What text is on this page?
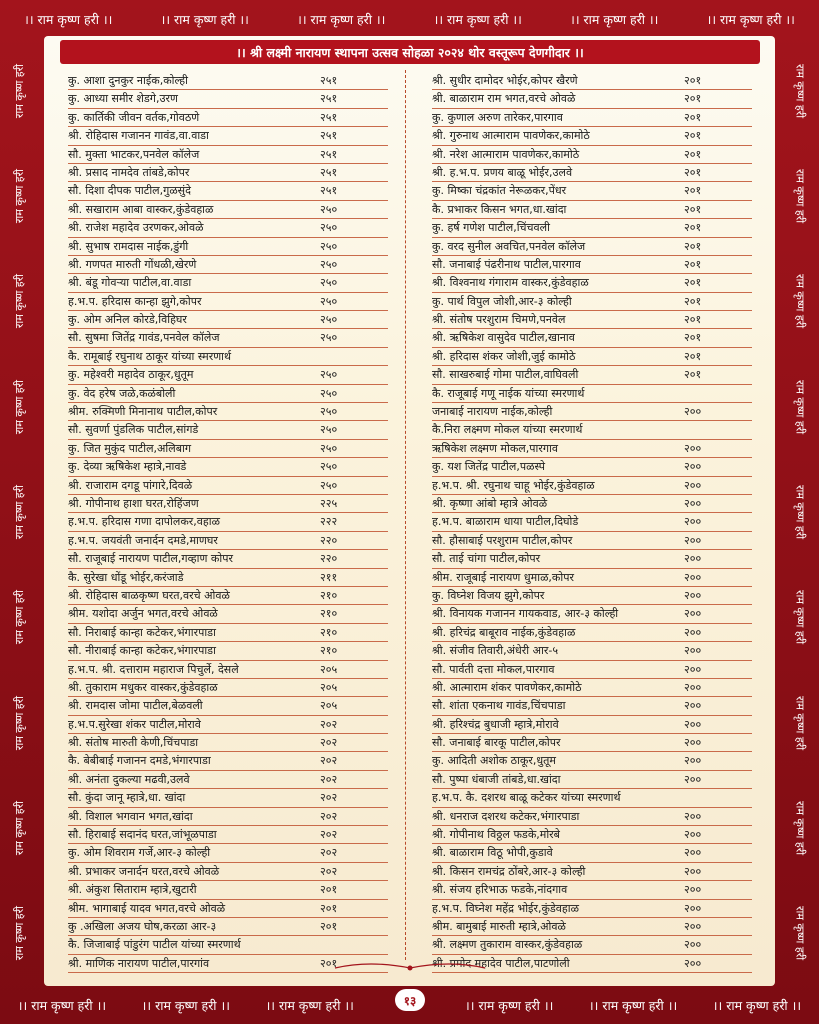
।। राम कृष्ण हरी ।।	।। राम कृष्ण हरी ।।	।। राम कृष्ण हरी ।।	।। राम कृष्ण हरी ।।	।। राम कृष्ण हरी ।।	।। राम कृष्ण हरी ।।
राम कृष्ण हरी
राम कृष्ण हरी
राम कृष्ण हरी
राम कृष्ण हरी
राम कृष्ण हरी
राम कृष्ण हरी
राम कृष्ण हरी
राम कृष्ण हरी
राम कृष्ण हरी
राम कृष्ण हरी
राम कृष्ण हरी
राम कृष्ण हरी
राम कृष्ण हरी
राम कृष्ण हरी
राम कृष्ण हरी
राम कृष्ण हरी
राम कृष्ण हरी
राम कृष्ण हरी
।। राम कृष्ण हरी ।।	।। राम कृष्ण हरी ।।	।। राम कृष्ण हरी ।।	।। राम कृष्ण हरी ।।	।। राम कृष्ण हरी ।।	।। राम कृष्ण हरी ।।
।। श्री लक्ष्मी नारायण स्थापना उत्सव सोहळा २०२४ थोर वस्तूरूप देणगीदार ।।
कु. आशा दुनकुर नाईक,कोल्ही	२५१
कु. आध्या समीर शेडगे,उरण	२५१
कु. कार्तिकी जीवन वर्तक,गोवठणे	२५१
श्री. रोहिदास गजानन गावंड,वा.वाडा	२५१
सौ. मुक्ता भाटकर,पनवेल कॉलेज	२५१
श्री. प्रसाद नामदेव तांबडे,कोपर	२५१
सौ. दिशा दीपक पाटील,गुळसुंदे	२५१
श्री. सखाराम आबा वास्कर,कुंडेवहाळ	२५०
श्री. राजेश महादेव उरणकर,ओवळे	२५०
श्री. सुभाष रामदास नाईक,डुंगी	२५०
श्री. गणपत मारुती गोंधळी,खेरणे	२५०
श्री. बंडू गोवऱ्या पाटील,वा.वाडा	२५०
ह.भ.प. हरिदास कान्हा झुगे,कोपर	२५०
कु. ओम अनिल कोरडे,विहिघर	२५०
सौ. सुषमा जितेंद्र गावंड,पनवेल कॉलेज	२५०
कै. रामूबाई रघुनाथ ठाकूर यांच्या स्मरणार्थ
कु. महेश्वरी महादेव ठाकूर,धुतूम	२५०
कु. वेद हरेष जळे,कळंबोली	२५०
श्रीम. रुक्मिणी मिनानाथ पाटील,कोपर	२५०
सौ. सुवर्णा पुंडलिक पाटील,सांगडे	२५०
कु. जित मुकुंद पाटील,अलिबाग	२५०
कु. देव्या ऋषिकेश म्हात्रे,नावडे	२५०
श्री. राजाराम दगडू पांगारे,दिवळे	२५०
श्री. गोपीनाथ हाशा घरत,रोहिंजण	२२५
ह.भ.प. हरिदास गणा दापोलकर,वहाळ	२२२
ह.भ.प. जयवंती जनार्दन दमडे,माणघर	२२०
सौ. राजूबाई नारायण पाटील,गव्हाण कोपर	२२०
कै. सुरेखा धोंडू भोईर,करंजाडे	२११
श्री. रोहिदास बाळकृष्ण घरत,वरचे ओवळे	२१०
श्रीम. यशोदा अर्जुन भगत,वरचे ओवळे	२१०
सौ. निराबाई कान्हा कटेकर,भंगारपाडा	२१०
सौ. नीराबाई कान्हा कटेकर,भंगारपाडा	२१०
ह.भ.प. श्री. दत्ताराम महाराज पिचुर्ले, देसले	२०५
श्री. तुकाराम मधुकर वास्कर,कुंडेवहाळ	२०५
श्री. रामदास जोमा पाटील,बेळवली	२०५
ह.भ.प.सुरेखा शंकर पाटील,मोरावे	२०२
श्री. संतोष मारुती केणी,चिंचपाडा	२०२
कै. बेबीबाई गजानन दमडे,भंगारपाडा	२०२
श्री. अनंता दुकल्या मढवी,उलवे	२०२
सौ. कुंदा जानू म्हात्रे,धा. खांदा	२०२
श्री. विशाल भगवान भगत,खांदा	२०२
सौ. हिराबाई सदानंद घरत,जांभूळपाडा	२०२
कु. ओम शिवराम गर्जे,आर-३ कोल्ही	२०२
श्री. प्रभाकर जनार्दन घरत,वरचे ओवळे	२०२
श्री. अंकुश सिताराम म्हात्रे,खुटारी	२०१
श्रीम. भागाबाई यादव भगत,वरचे ओवळे	२०१
कु .अखिला अजय घोष,करळा आर-३	२०१
कै. जिजाबाई पांडुरंग पाटील यांच्या स्मरणार्थ
श्री. माणिक नारायण पाटील,पारगांव	२०१
श्री. सुधीर दामोदर भोईर,कोपर खैरणे	२०१
श्री. बाळाराम राम भगत,वरचे ओवळे	२०१
कु. कुणाल अरुण तारेकर,पारगाव	२०१
श्री. गुरुनाथ आत्माराम पावणेकर,कामोठे	२०१
श्री. नरेश आत्माराम पावणेकर,कामोठे	२०१
श्री. ह.भ.प. प्रणय बाळू भोईर,उलवे	२०१
कु. मिष्का चंद्रकांत नेरूळकर,पेंधर	२०१
कै. प्रभाकर किसन भगत,धा.खांदा	२०१
कु. हर्ष गणेश पाटील,चिंचवली	२०१
कु. वरद सुनील अवचित,पनवेल कॉलेज	२०१
सौ. जनाबाई पंढरीनाथ पाटील,पारगाव	२०१
श्री. विश्वनाथ गंगाराम वास्कर,कुंडेवहाळ	२०१
कु. पार्थ विपुल जोशी,आर-३ कोल्ही	२०१
श्री. संतोष परशुराम चिमणे,पनवेल	२०१
श्री. ऋषिकेश वासुदेव पाटील,खानाव	२०१
श्री. हरिदास शंकर जोशी,जुई कामोठे	२०१
सौ. साखरुबाई गोमा पाटील,वाघिवली	२०१
कै. राजूबाई गणू नाईक यांच्या स्मरणार्थ
जनाबाई नारायण नाईक,कोल्ही	२००
कै.निरा लक्ष्मण मोकल यांच्या स्मरणार्थ
ऋषिकेश लक्ष्मण मोकल,पारगाव	२००
कु. यश जितेंद्र पाटील,पळस्पे	२००
ह.भ.प. श्री. रघुनाथ चाहू भोईर,कुंडेवहाळ	२००
श्री. कृष्णा आंबो म्हात्रे ओवळे	२००
ह.भ.प. बाळाराम धाया पाटील,दिघोडे	२००
सौ. हौसाबाई परशुराम पाटील,कोपर	२००
सौ. ताई चांगा पाटील,कोपर	२००
श्रीम. राजूबाई नारायण धुमाळ,कोपर	२००
कु. विघ्नेश विजय झुगे,कोपर	२००
श्री. विनायक गजानन गायकवाड, आर-३ कोल्ही	२००
श्री. हरिचंद्र बाबूराव नाईक,कुंडेवहाळ	२००
श्री. संजीव तिवारी,अंधेरी आर-५	२००
सौ. पार्वती दत्ता मोकल,पारगाव	२००
श्री. आत्माराम शंकर पावणेकर,कामोठे	२००
सौ. शांता एकनाथ गावंड,चिंचपाडा	२००
श्री. हरिश्चंद्र बुधाजी म्हात्रे,मोरावे	२००
सौ. जनाबाई बारकू पाटील,कोपर	२००
कु. आदिती अशोक ठाकूर,धुतूम	२००
सौ. पुष्पा धंबाजी तांबडे,धा.खांदा	२००
ह.भ.प. कै. दशरथ बाळू कटेकर यांच्या स्मरणार्थ
श्री. धनराज दशरथ कटेकर,भंगारपाडा	२००
श्री. गोपीनाथ विठ्ठल फडके,मोरबे	२००
श्री. बाळाराम विठू भोपी,कुडावे	२००
श्री. किसन रामचंद्र ठोंबरे,आर-३ कोल्ही	२००
श्री. संजय हरिभाऊ फडके,नांदगाव	२००
ह.भ.प. विघ्नेश महेंद्र भोईर,कुंडेवहाळ	२००
श्रीम. बामुबाई मारुती म्हात्रे,ओवळे	२००
श्री. लक्ष्मण तुकाराम वास्कर,कुंडेवहाळ	२००
श्री. प्रमोद महादेव पाटील,पाटणोली	२००
१३
